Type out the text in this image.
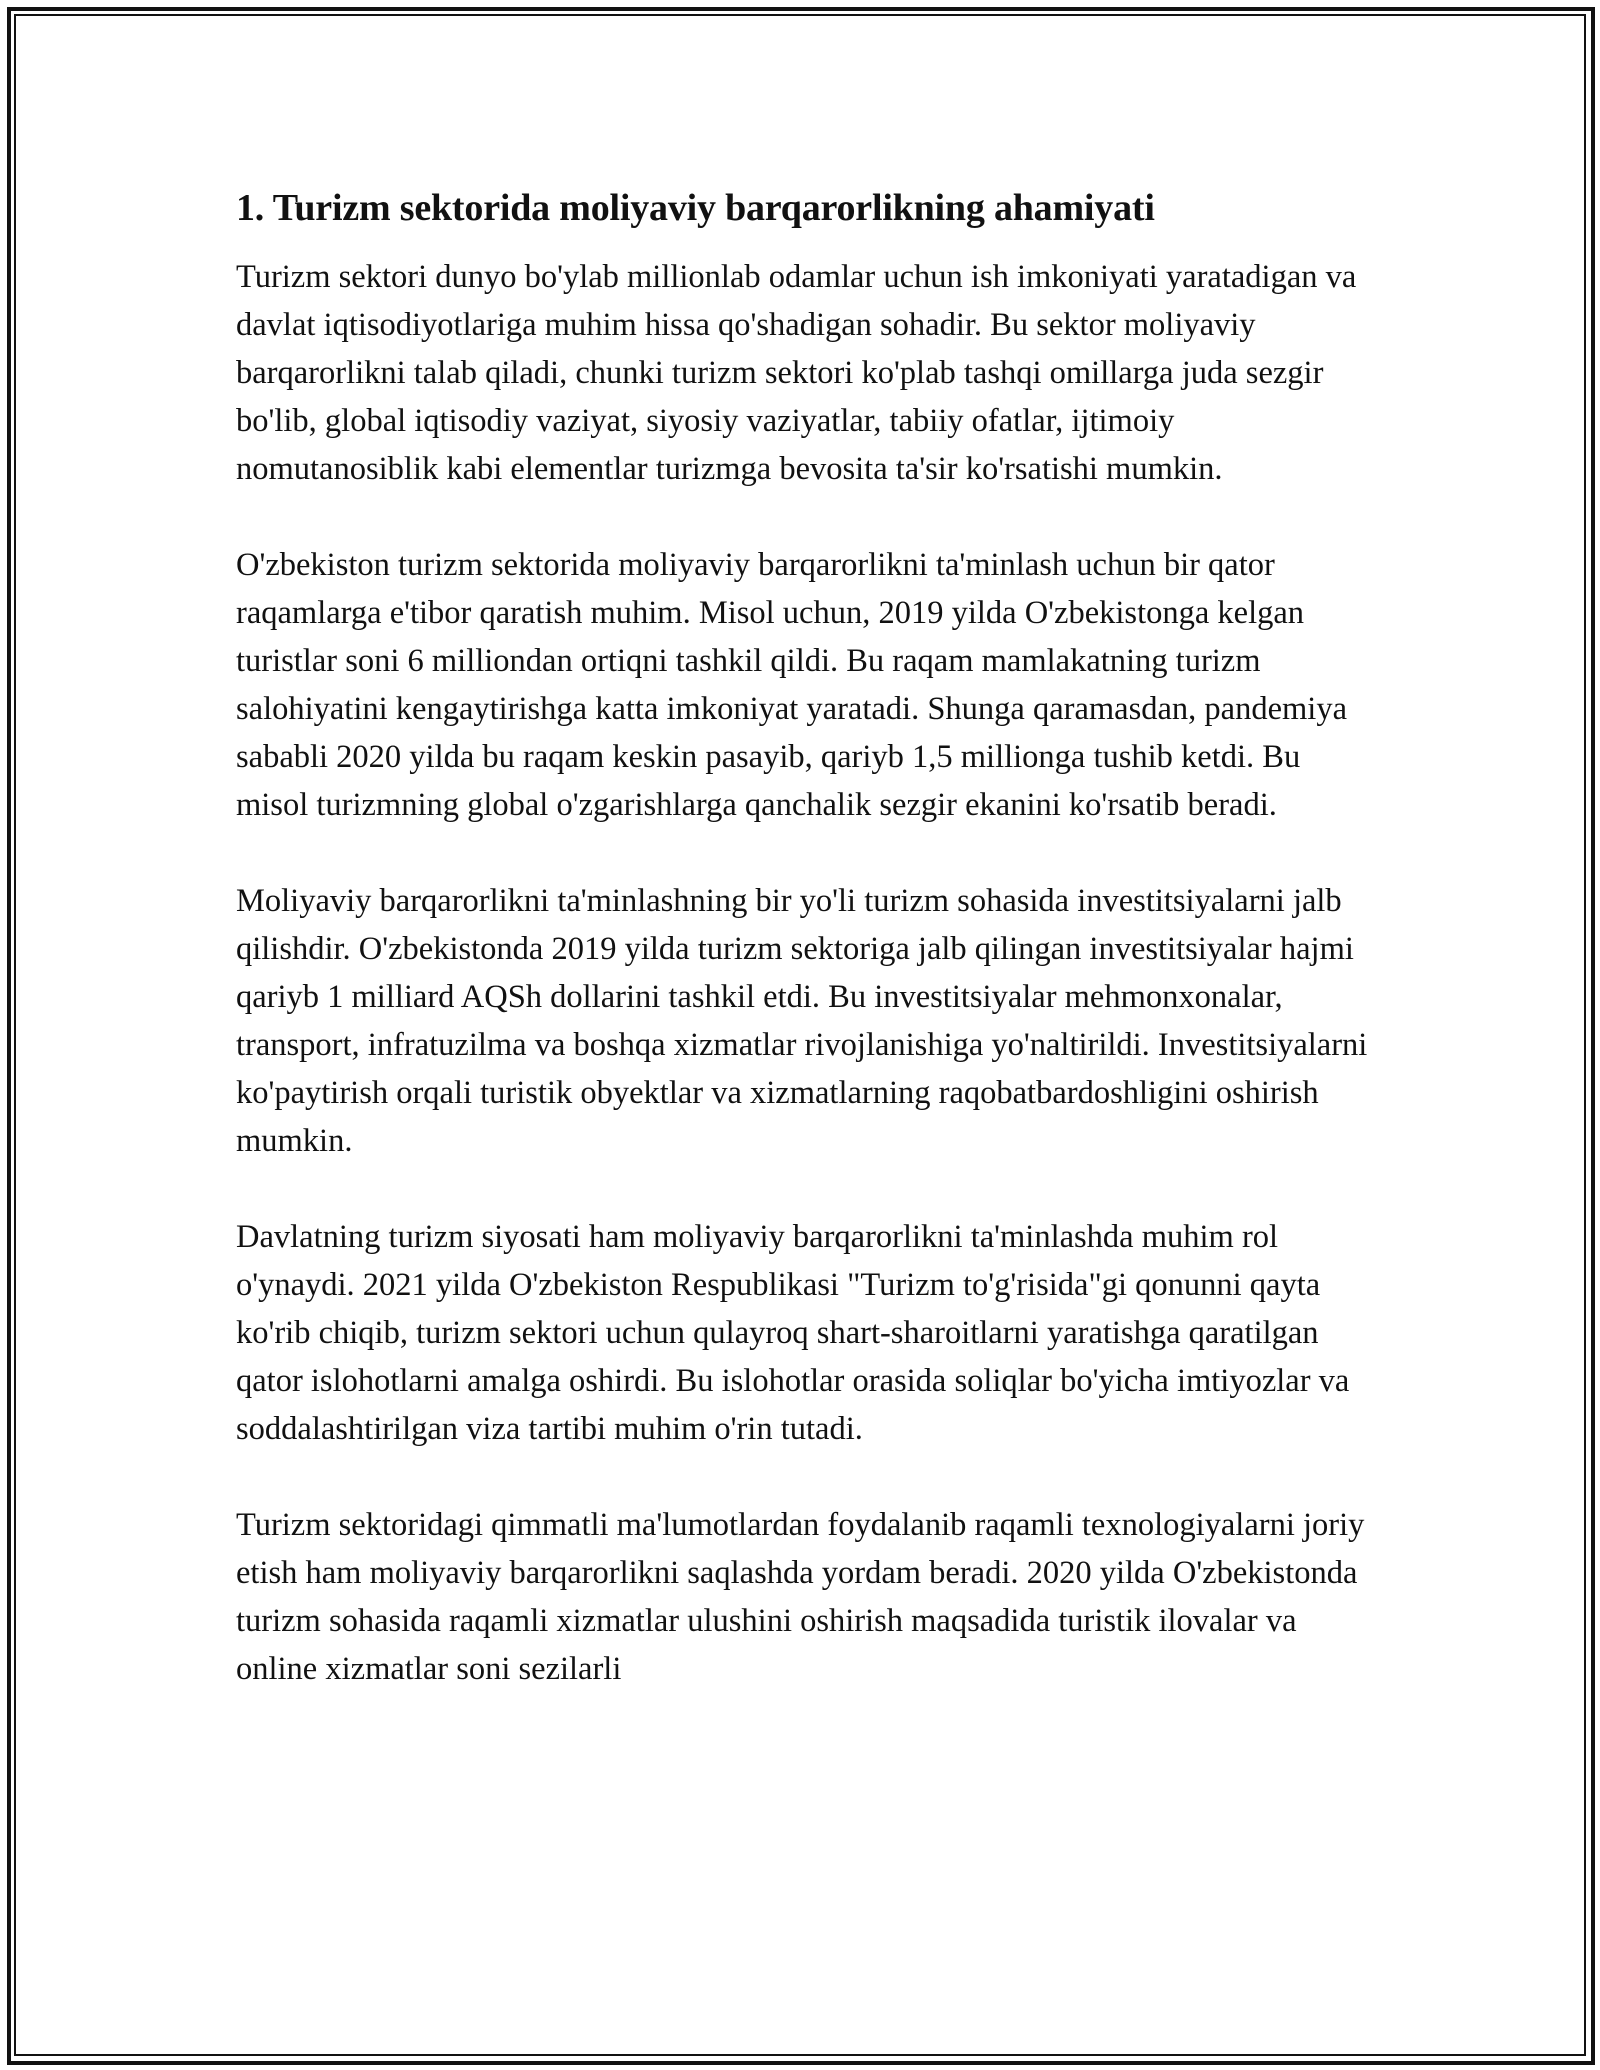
1. Turizm sektorida moliyaviy barqarorlikning ahamiyati

Turizm sektori dunyo bo'ylab millionlab odamlar uchun ish imkoniyati yaratadigan va davlat iqtisodiyotlariga muhim hissa qo'shadigan sohadir. Bu sektor moliyaviy barqarorlikni talab qiladi, chunki turizm sektori ko'plab tashqi omillarga juda sezgir bo'lib, global iqtisodiy vaziyat, siyosiy vaziyatlar, tabiiy ofatlar, ijtimoiy nomutanosiblik kabi elementlar turizmga bevosita ta'sir ko'rsatishi mumkin.

O'zbekiston turizm sektorida moliyaviy barqarorlikni ta'minlash uchun bir qator raqamlarga e'tibor qaratish muhim. Misol uchun, 2019 yilda O'zbekistonga kelgan turistlar soni 6 milliondan ortiqni tashkil qildi. Bu raqam mamlakatning turizm salohiyatini kengaytirishga katta imkoniyat yaratadi. Shunga qaramasdan, pandemiya sababli 2020 yilda bu raqam keskin pasayib, qariyb 1,5 millionga tushib ketdi. Bu misol turizmning global o'zgarishlarga qanchalik sezgir ekanini ko'rsatib beradi.

Moliyaviy barqarorlikni ta'minlashning bir yo'li turizm sohasida investitsiyalarni jalb qilishdir. O'zbekistonda 2019 yilda turizm sektoriga jalb qilingan investitsiyalar hajmi qariyb 1 milliard AQSh dollarini tashkil etdi. Bu investitsiyalar mehmonxonalar, transport, infratuzilma va boshqa xizmatlar rivojlanishiga yo'naltirildi. Investitsiyalarni ko'paytirish orqali turistik obyektlar va xizmatlarning raqobatbardoshligini oshirish mumkin.

Davlatning turizm siyosati ham moliyaviy barqarorlikni ta'minlashda muhim rol o'ynaydi. 2021 yilda O'zbekiston Respublikasi "Turizm to'g'risida"gi qonunni qayta ko'rib chiqib, turizm sektori uchun qulayroq shart-sharoitlarni yaratishga qaratilgan qator islohotlarni amalga oshirdi. Bu islohotlar orasida soliqlar bo'yicha imtiyozlar va soddalashtirilgan viza tartibi muhim o'rin tutadi.

Turizm sektoridagi qimmatli ma'lumotlardan foydalanib raqamli texnologiyalarni joriy etish ham moliyaviy barqarorlikni saqlashda yordam beradi. 2020 yilda O'zbekistonda turizm sohasida raqamli xizmatlar ulushini oshirish maqsadida turistik ilovalar va online xizmatlar soni sezilarli
